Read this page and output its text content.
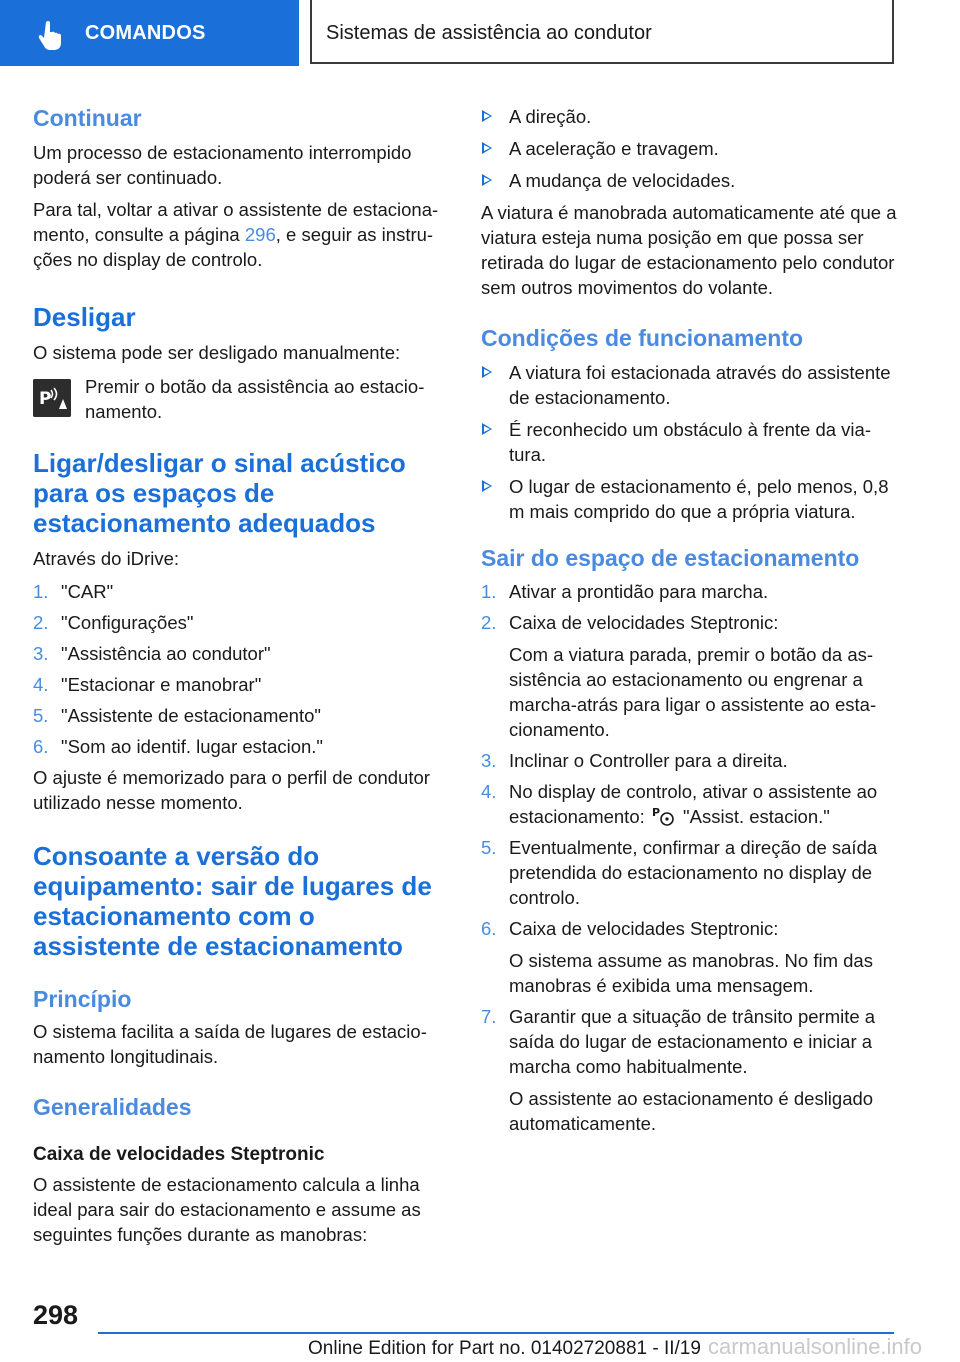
COMANDOS	Sistemas de assistência ao condutor
Continuar

Um processo de estacionamento interrompido poderá ser continuado.

Para tal, voltar a ativar o assistente de estacionamento, consulte a página 296, e seguir as instruções no display de controlo.

Desligar

O sistema pode ser desligado manualmente:

P

Premir o botão da assistência ao estacionamento.

Ligar/desligar o sinal acústico para os espaços de estacionamento adequados

Através do iDrive:

1. "CAR"
2. "Configurações"
3. "Assistência ao condutor"
4. "Estacionar e manobrar"
5. "Assistente de estacionamento"
6. "Som ao identif. lugar estacion."

O ajuste é memorizado para o perfil de condutor utilizado nesse momento.

Consoante a versão do equipamento: sair de lugares de estacionamento com o assistente de estacionamento
Princípio

O sistema facilita a saída de lugares de estacionamento longitudinais.

Generalidades
Caixa de velocidades Steptronic

O assistente de estacionamento calcula a linha ideal para sair do estacionamento e assume as seguintes funções durante as manobras:

A direção.
A aceleração e travagem.
A mudança de velocidades.

A viatura é manobrada automaticamente até que a viatura esteja numa posição em que possa ser retirada do lugar de estacionamento pelo condutor sem outros movimentos do volante.

Condições de funcionamento
A viatura foi estacionada através do assistente de estacionamento.
É reconhecido um obstáculo à frente da viatura.
O lugar de estacionamento é, pelo menos, 0,8 m mais comprido do que a própria viatura.
Sair do espaço de estacionamento
1. Ativar a prontidão para marcha.
2. Caixa de velocidades Steptronic:
Com a viatura parada, premir o botão da assistência ao estacionamento ou engrenar a marcha-atrás para ligar o assistente ao estacionamento.
3. Inclinar o Controller para a direita.
4. No display de controlo, ativar o assistente ao estacionamento: P "Assist. estacion."
5. Eventualmente, confirmar a direção de saída pretendida do estacionamento no display de controlo.
6. Caixa de velocidades Steptronic:
O sistema assume as manobras. No fim das manobras é exibida uma mensagem.
7. Garantir que a situação de trânsito permite a saída do lugar de estacionamento e iniciar a marcha como habitualmente.
O assistente ao estacionamento é desligado automaticamente.
298
Online Edition for Part no. 01402720881 - II/19 carmanualsonline.info
